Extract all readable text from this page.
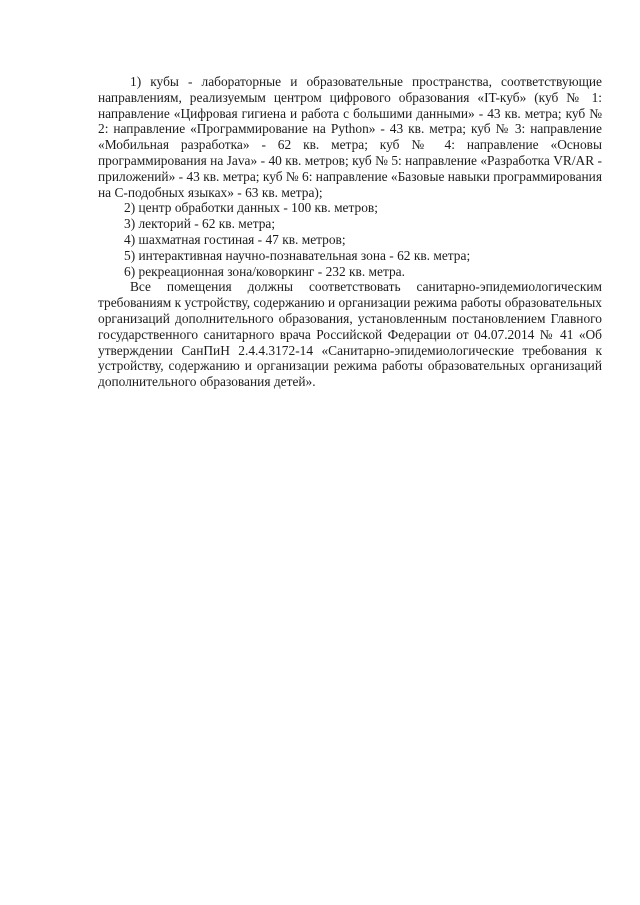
1) кубы - лабораторные и образовательные пространства, соответствующие направлениям, реализуемым центром цифрового образования «IT-куб» (куб № 1: направление «Цифровая гигиена и работа с большими данными» - 43 кв. метра; куб № 2: направление «Программирование на Python» - 43 кв. метра; куб № 3: направление «Мобильная разработка» - 62 кв. метра; куб № 4: направление «Основы программирования на Java» - 40 кв. метров; куб № 5: направление «Разработка VR/AR - приложений» - 43 кв. метра; куб № 6: направление «Базовые навыки программирования на С-подобных языках» - 63 кв. метра);

2) центр обработки данных - 100 кв. метров;

3) лекторий - 62 кв. метра;

4) шахматная гостиная - 47 кв. метров;

5) интерактивная научно-познавательная зона - 62 кв. метра;

6) рекреационная зона/коворкинг - 232 кв. метра.

Все помещения должны соответствовать санитарно-эпидемиологическим требованиям к устройству, содержанию и организации режима работы образовательных организаций дополнительного образования, установленным постановлением Главного государственного санитарного врача Российской Федерации от 04.07.2014 № 41 «Об утверждении СанПиН 2.4.4.3172-14 «Санитарно-эпидемиологические требования к устройству, содержанию и организации режима работы образовательных организаций дополнительного образования детей».
